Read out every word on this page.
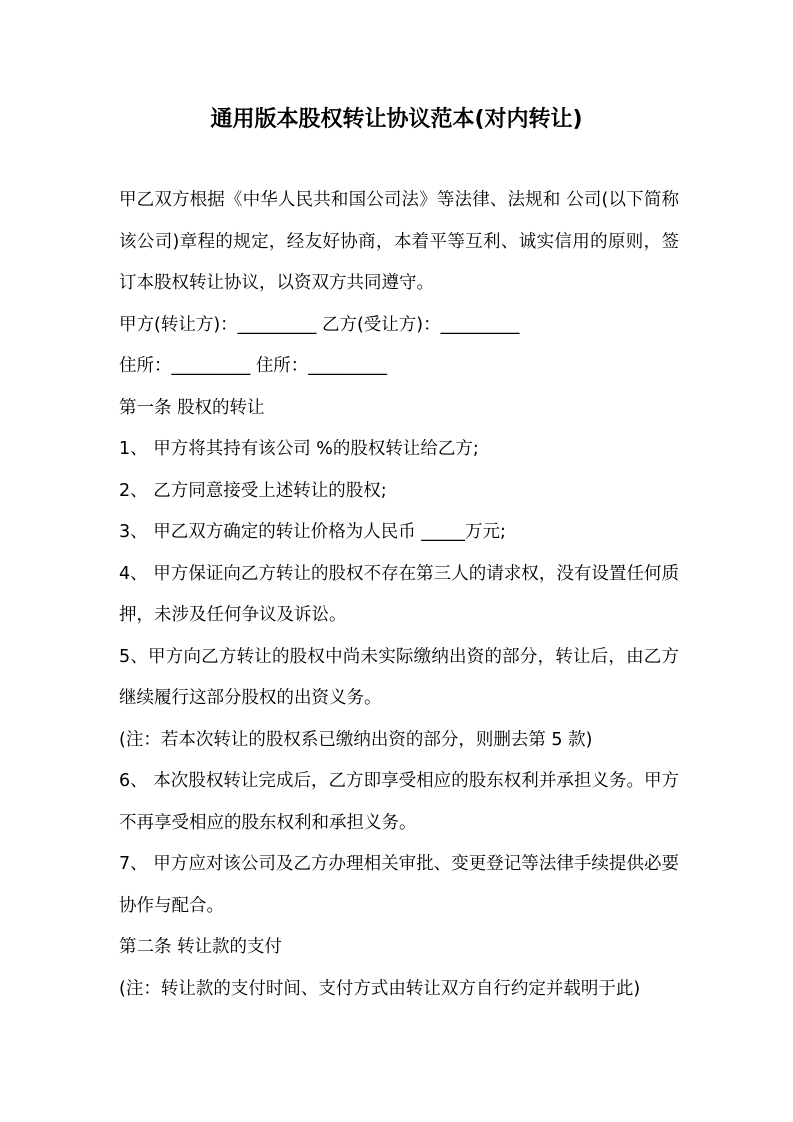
通用版本股权转让协议范本(对内转让)

甲乙双方根据《中华人民共和国公司法》等法律、法规和 公司(以下简称该公司)章程的规定，经友好协商，本着平等互利、诚实信用的原则，签订本股权转让协议，以资双方共同遵守。

甲方(转让方)：_________ 乙方(受让方)：_________

住所：_________ 住所：_________

第一条 股权的转让

1、 甲方将其持有该公司 %的股权转让给乙方;

2、 乙方同意接受上述转让的股权;

3、 甲乙双方确定的转让价格为人民币 _____万元;

4、 甲方保证向乙方转让的股权不存在第三人的请求权，没有设置任何质押，未涉及任何争议及诉讼。

5、甲方向乙方转让的股权中尚未实际缴纳出资的部分，转让后，由乙方继续履行这部分股权的出资义务。

(注：若本次转让的股权系已缴纳出资的部分，则删去第 5 款)

6、 本次股权转让完成后，乙方即享受相应的股东权利并承担义务。甲方不再享受相应的股东权利和承担义务。

7、 甲方应对该公司及乙方办理相关审批、变更登记等法律手续提供必要协作与配合。

第二条 转让款的支付

(注：转让款的支付时间、支付方式由转让双方自行约定并载明于此)
